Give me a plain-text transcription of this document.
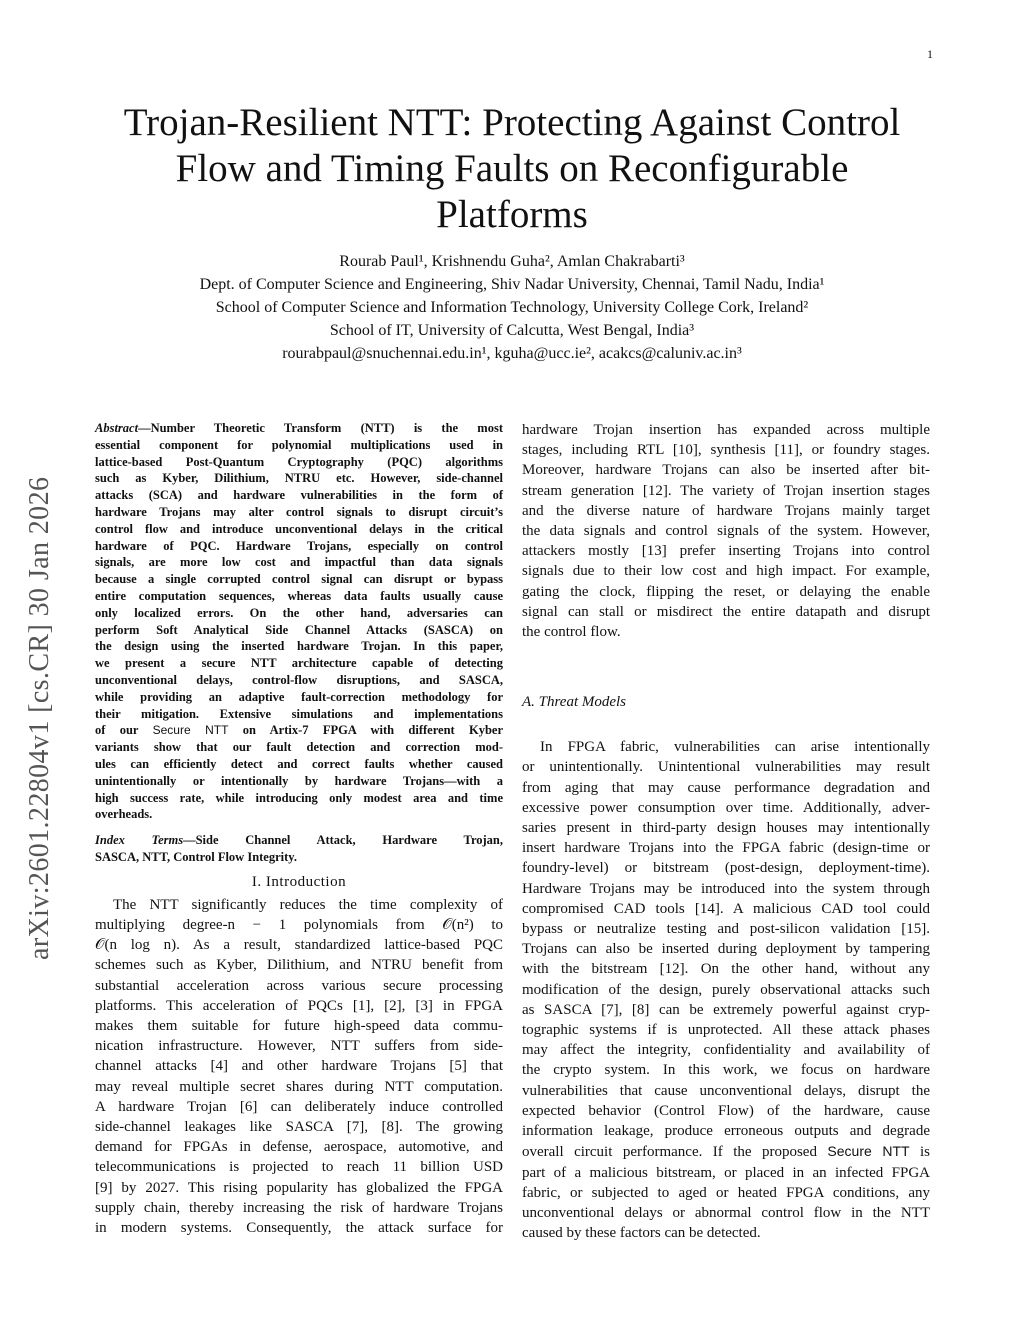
1
Trojan-Resilient NTT: Protecting Against Control
Flow and Timing Faults on Reconfigurable
Platforms
Rourab Paul¹, Krishnendu Guha², Amlan Chakrabarti³
Dept. of Computer Science and Engineering, Shiv Nadar University, Chennai, Tamil Nadu, India¹
School of Computer Science and Information Technology, University College Cork, Ireland²
School of IT, University of Calcutta, West Bengal, India³
rourabpaul@snuchennai.edu.in¹, kguha@ucc.ie², acakcs@caluniv.ac.in³
arXiv:2601.22804v1 [cs.CR] 30 Jan 2026
Abstract—Number Theoretic Transform (NTT) is the most
essential component for polynomial multiplications used in
lattice-based Post-Quantum Cryptography (PQC) algorithms
such as Kyber, Dilithium, NTRU etc. However, side-channel
attacks (SCA) and hardware vulnerabilities in the form of
hardware Trojans may alter control signals to disrupt circuit’s
control flow and introduce unconventional delays in the critical
hardware of PQC. Hardware Trojans, especially on control
signals, are more low cost and impactful than data signals
because a single corrupted control signal can disrupt or bypass
entire computation sequences, whereas data faults usually cause
only localized errors. On the other hand, adversaries can
perform Soft Analytical Side Channel Attacks (SASCA) on
the design using the inserted hardware Trojan. In this paper,
we present a secure NTT architecture capable of detecting
unconventional delays, control-flow disruptions, and SASCA,
while providing an adaptive fault-correction methodology for
their mitigation. Extensive simulations and implementations
of our Secure NTT on Artix-7 FPGA with different Kyber
variants show that our fault detection and correction mod-
ules can efficiently detect and correct faults whether caused
unintentionally or intentionally by hardware Trojans—with a
high success rate, while introducing only modest area and time
overheads.
Index Terms—Side Channel Attack, Hardware Trojan,
SASCA, NTT, Control Flow Integrity.
I. Introduction
The NTT significantly reduces the time complexity of
multiplying degree-n − 1 polynomials from 𝒪(n²) to
𝒪(n log n). As a result, standardized lattice-based PQC
schemes such as Kyber, Dilithium, and NTRU benefit from
substantial acceleration across various secure processing
platforms. This acceleration of PQCs [1], [2], [3] in FPGA
makes them suitable for future high-speed data commu-
nication infrastructure. However, NTT suffers from side-
channel attacks [4] and other hardware Trojans [5] that
may reveal multiple secret shares during NTT computation.
A hardware Trojan [6] can deliberately induce controlled
side-channel leakages like SASCA [7], [8]. The growing
demand for FPGAs in defense, aerospace, automotive, and
telecommunications is projected to reach 11 billion USD
[9] by 2027. This rising popularity has globalized the FPGA
supply chain, thereby increasing the risk of hardware Trojans
in modern systems. Consequently, the attack surface for
hardware Trojan insertion has expanded across multiple
stages, including RTL [10], synthesis [11], or foundry stages.
Moreover, hardware Trojans can also be inserted after bit-
stream generation [12]. The variety of Trojan insertion stages
and the diverse nature of hardware Trojans mainly target
the data signals and control signals of the system. However,
attackers mostly [13] prefer inserting Trojans into control
signals due to their low cost and high impact. For example,
gating the clock, flipping the reset, or delaying the enable
signal can stall or misdirect the entire datapath and disrupt
the control flow.
A. Threat Models
In FPGA fabric, vulnerabilities can arise intentionally
or unintentionally. Unintentional vulnerabilities may result
from aging that may cause performance degradation and
excessive power consumption over time. Additionally, adver-
saries present in third-party design houses may intentionally
insert hardware Trojans into the FPGA fabric (design-time or
foundry-level) or bitstream (post-design, deployment-time).
Hardware Trojans may be introduced into the system through
compromised CAD tools [14]. A malicious CAD tool could
bypass or neutralize testing and post-silicon validation [15].
Trojans can also be inserted during deployment by tampering
with the bitstream [12]. On the other hand, without any
modification of the design, purely observational attacks such
as SASCA [7], [8] can be extremely powerful against cryp-
tographic systems if is unprotected. All these attack phases
may affect the integrity, confidentiality and availability of
the crypto system. In this work, we focus on hardware
vulnerabilities that cause unconventional delays, disrupt the
expected behavior (Control Flow) of the hardware, cause
information leakage, produce erroneous outputs and degrade
overall circuit performance. If the proposed Secure NTT is
part of a malicious bitstream, or placed in an infected FPGA
fabric, or subjected to aged or heated FPGA conditions, any
unconventional delays or abnormal control flow in the NTT
caused by these factors can be detected.
